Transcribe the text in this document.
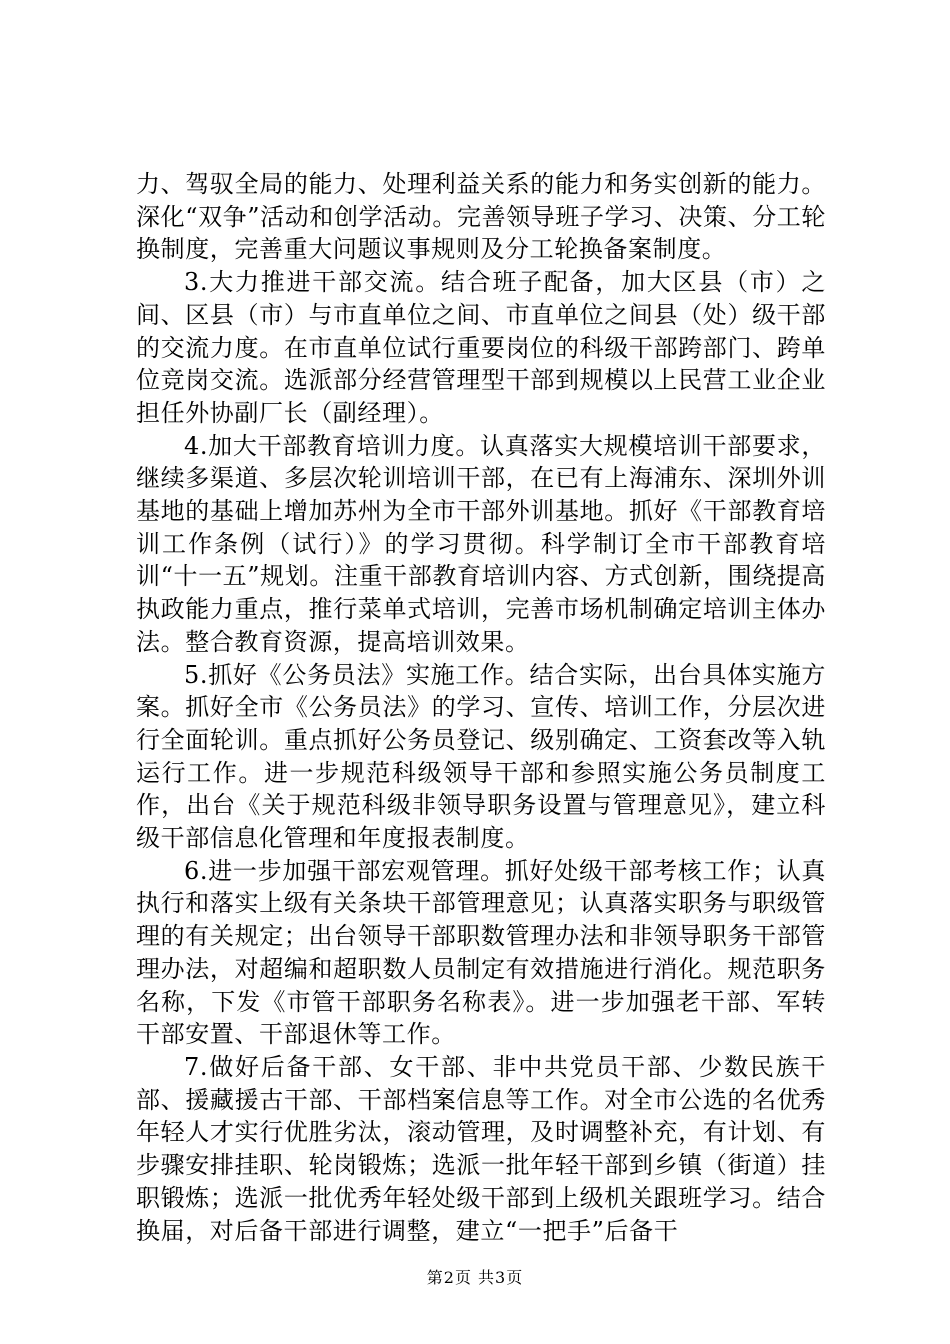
力、驾驭全局的能力、处理利益关系的能力和务实创新的能力。深化“双争”活动和创学活动。完善领导班子学习、决策、分工轮换制度，完善重大问题议事规则及分工轮换备案制度。

3.大力推进干部交流。结合班子配备，加大区县（市）之间、区县（市）与市直单位之间、市直单位之间县（处）级干部的交流力度。在市直单位试行重要岗位的科级干部跨部门、跨单位竞岗交流。选派部分经营管理型干部到规模以上民营工业企业担任外协副厂长（副经理）。

4.加大干部教育培训力度。认真落实大规模培训干部要求，继续多渠道、多层次轮训培训干部，在已有上海浦东、深圳外训基地的基础上增加苏州为全市干部外训基地。抓好《干部教育培训工作条例（试行）》的学习贯彻。科学制订全市干部教育培训“十一五”规划。注重干部教育培训内容、方式创新，围绕提高执政能力重点，推行菜单式培训，完善市场机制确定培训主体办法。整合教育资源，提高培训效果。

5.抓好《公务员法》实施工作。结合实际，出台具体实施方案。抓好全市《公务员法》的学习、宣传、培训工作，分层次进行全面轮训。重点抓好公务员登记、级别确定、工资套改等入轨运行工作。进一步规范科级领导干部和参照实施公务员制度工作，出台《关于规范科级非领导职务设置与管理意见》，建立科级干部信息化管理和年度报表制度。

6.进一步加强干部宏观管理。抓好处级干部考核工作；认真执行和落实上级有关条块干部管理意见；认真落实职务与职级管理的有关规定；出台领导干部职数管理办法和非领导职务干部管理办法，对超编和超职数人员制定有效措施进行消化。规范职务名称，下发《市管干部职务名称表》。进一步加强老干部、军转干部安置、干部退休等工作。

7.做好后备干部、女干部、非中共党员干部、少数民族干部、援藏援古干部、干部档案信息等工作。对全市公选的名优秀年轻人才实行优胜劣汰，滚动管理，及时调整补充，有计划、有步骤安排挂职、轮岗锻炼；选派一批年轻干部到乡镇（街道）挂职锻炼；选派一批优秀年轻处级干部到上级机关跟班学习。结合换届，对后备干部进行调整，建立“一把手”后备干

第2页 共3页
